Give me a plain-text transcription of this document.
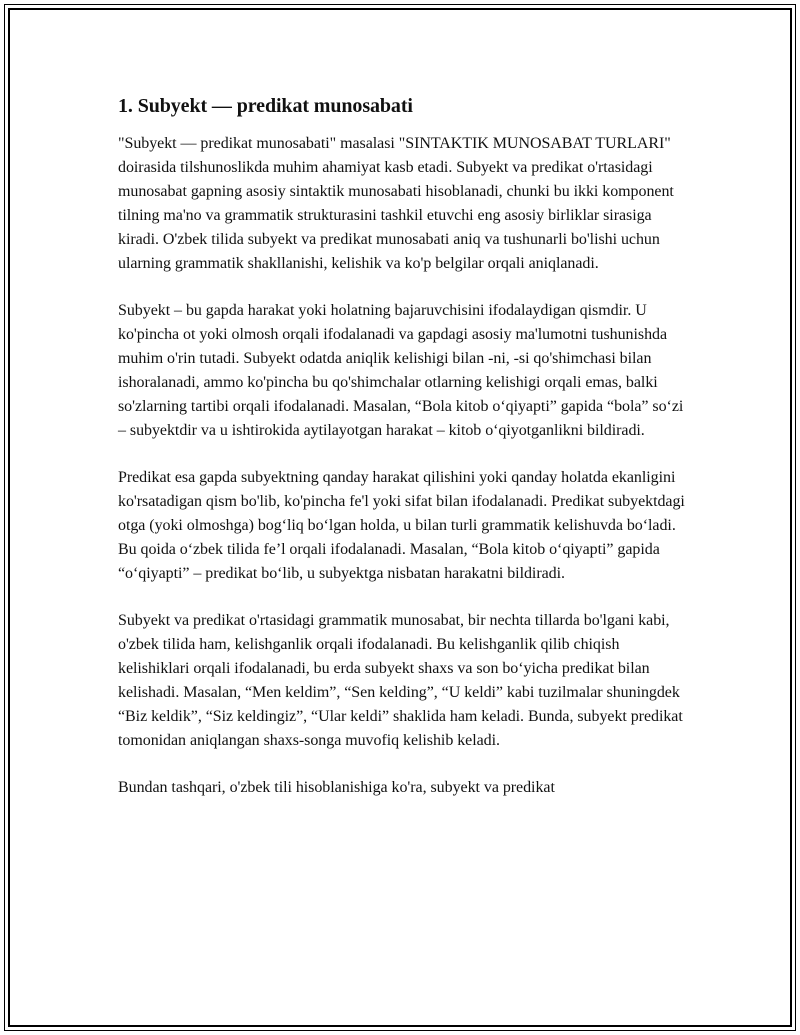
1. Subyekt — predikat munosabati

"Subyekt — predikat munosabati" masalasi "SINTAKTIK MUNOSABAT TURLARI" doirasida tilshunoslikda muhim ahamiyat kasb etadi. Subyekt va predikat o'rtasidagi munosabat gapning asosiy sintaktik munosabati hisoblanadi, chunki bu ikki komponent tilning ma'no va grammatik strukturasini tashkil etuvchi eng asosiy birliklar sirasiga kiradi. O'zbek tilida subyekt va predikat munosabati aniq va tushunarli bo'lishi uchun ularning grammatik shakllanishi, kelishik va ko'p belgilar orqali aniqlanadi.

Subyekt – bu gapda harakat yoki holatning bajaruvchisini ifodalaydigan qismdir. U ko'pincha ot yoki olmosh orqali ifodalanadi va gapdagi asosiy ma'lumotni tushunishda muhim o'rin tutadi. Subyekt odatda aniqlik kelishigi bilan -ni, -si qo'shimchasi bilan ishoralanadi, ammo ko'pincha bu qo'shimchalar otlarning kelishigi orqali emas, balki so'zlarning tartibi orqali ifodalanadi. Masalan, “Bola kitob o‘qiyapti” gapida “bola” so‘zi – subyektdir va u ishtirokida aytilayotgan harakat – kitob o‘qiyotganlikni bildiradi.

Predikat esa gapda subyektning qanday harakat qilishini yoki qanday holatda ekanligini ko'rsatadigan qism bo'lib, ko'pincha fe'l yoki sifat bilan ifodalanadi. Predikat subyektdagi otga (yoki olmoshga) bog‘liq bo‘lgan holda, u bilan turli grammatik kelishuvda bo‘ladi. Bu qoida o‘zbek tilida fe’l orqali ifodalanadi. Masalan, “Bola kitob o‘qiyapti” gapida “o‘qiyapti” – predikat bo‘lib, u subyektga nisbatan harakatni bildiradi.

Subyekt va predikat o'rtasidagi grammatik munosabat, bir nechta tillarda bo'lgani kabi, o'zbek tilida ham, kelishganlik orqali ifodalanadi. Bu kelishganlik qilib chiqish kelishiklari orqali ifodalanadi, bu erda subyekt shaxs va son bo‘yicha predikat bilan kelishadi. Masalan, “Men keldim”, “Sen kelding”, “U keldi” kabi tuzilmalar shuningdek “Biz keldik”, “Siz keldingiz”, “Ular keldi” shaklida ham keladi. Bunda, subyekt predikat tomonidan aniqlangan shaxs-songa muvofiq kelishib keladi.

Bundan tashqari, o'zbek tili hisoblanishiga ko'ra, subyekt va predikat
